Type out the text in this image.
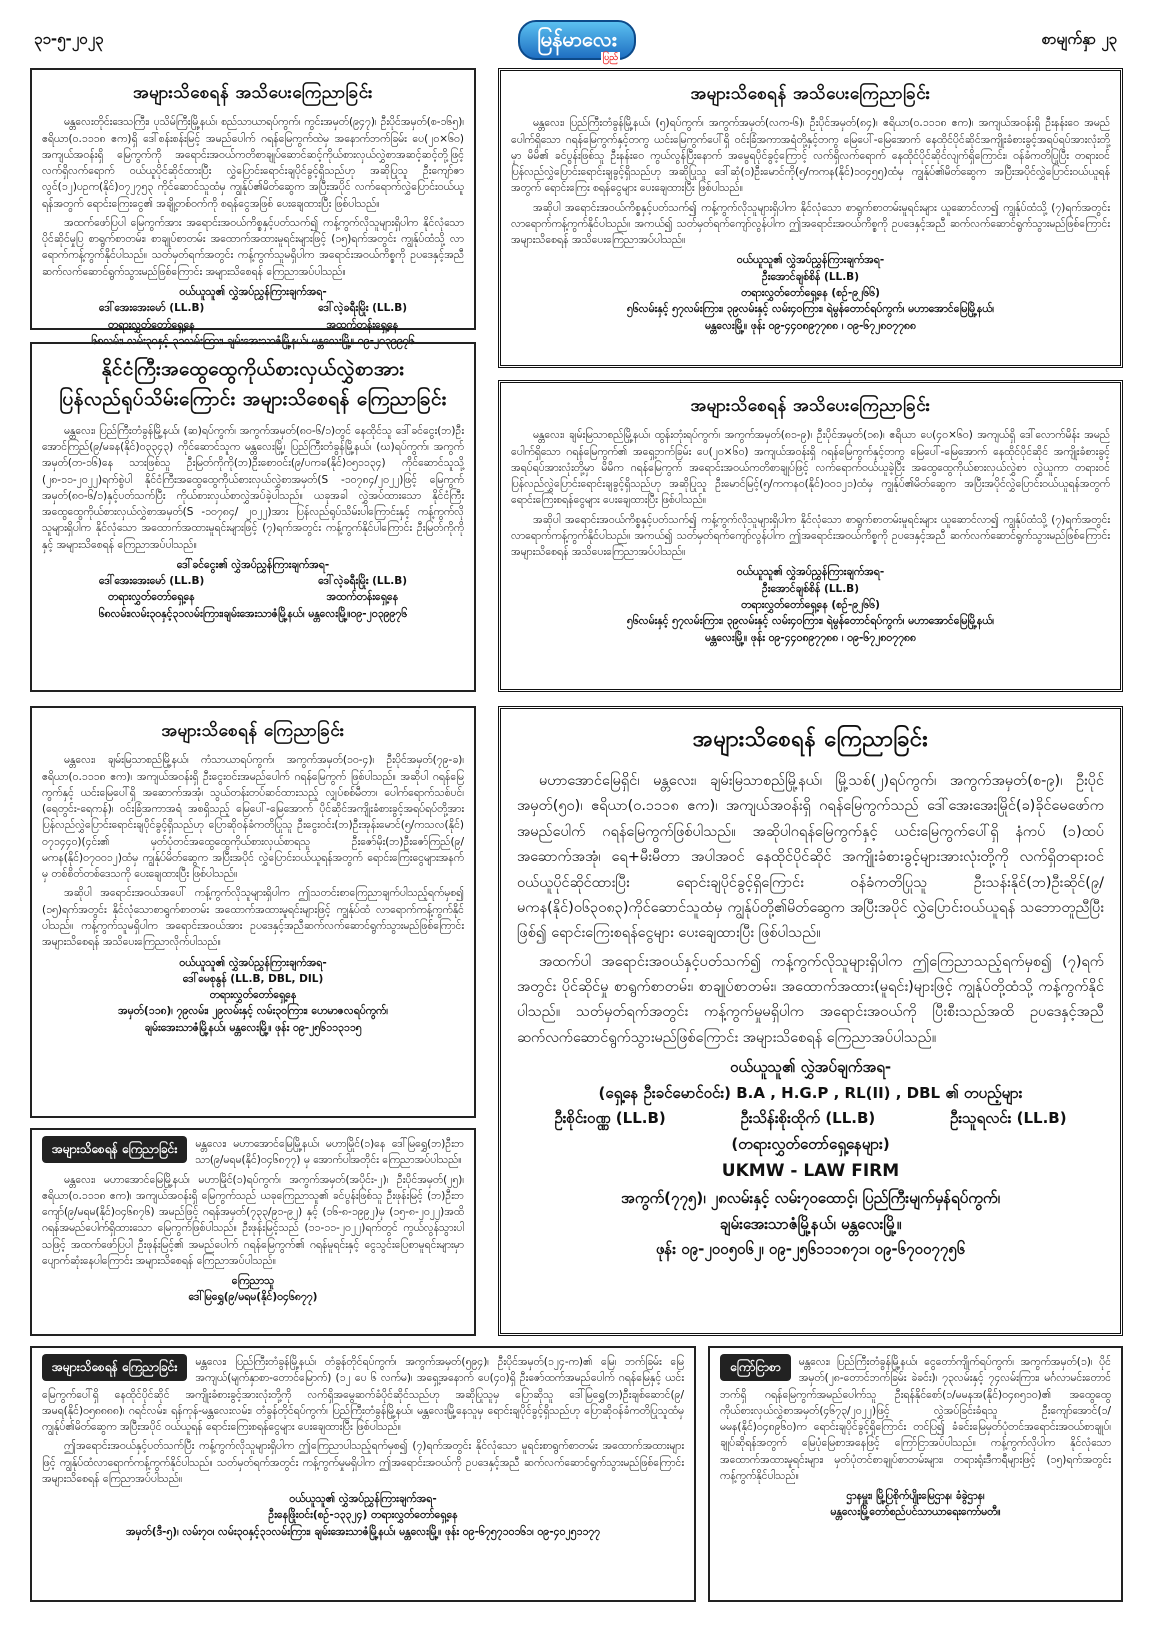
၃၁-၅-၂၀၂၃	မြန်မာလေး
ပြည်
စာမျက်နှာ ၂၃
အများသိစေရန် အသိပေးကြေညာခြင်း

မန္တလေးတိုင်းဒေသကြီး၊ ပုသိမ်ကြီးမြို့နယ်၊ စည်သာယာရပ်ကွက်၊ ကွင်းအမှတ်(၉၄၇)၊ ဦးပိုင်အမှတ်(စ-၁၆၅)၊ ဧရိယာ(၀.၁၁၁၈ ဧက)ရှိ ဒေါ်စန်းစန်းမြင့် အမည်ပေါက် ဂရန်မြေကွက်ထဲမှ အနောက်ဘက်ခြမ်း ပေ(၂၀×၆၀) အကျယ်အဝန်းရှိ မြေကွက်ကို အရောင်းအဝယ်ကတိစာချုပ်ဆောင်ဆင့်ကိုယ်စားလှယ်လွှဲစာအဆင့်ဆင့်တို့ဖြင့် လက်ရှိလက်ရောက် ဝယ်ယူပိုင်ဆိုင်ထားပြီး လွှဲပြောင်းရောင်းချပိုင်ခွင့်ရှိသည်ဟု အဆိုပြုသူ ဦးကျော်ဇာလွင်(၁၂)ပဥက(နိုင်)၀၇၂၇၅၃ ကိုင်ဆောင်သူထံမှ ကျွန်ုပ်၏မိတ်ဆွေက အပြီးအပိုင် လက်ရောက်လွှဲပြောင်းဝယ်ယူရန်အတွက် ရောင်းကြေးငွေ၏ အချို့တစ်ဝက်ကို စရန်ငွေအဖြစ် ပေးချေထားပြီး ဖြစ်ပါသည်။

အထက်ဖော်ပြပါ မြေကွက်အား အရောင်းအဝယ်ကိစ္စနှင့်ပတ်သက်၍ ကန့်ကွက်လိုသူများရှိပါက နိုင်လုံသော ပိုင်ဆိုင်မှုပြ စာရွက်စာတမ်း၊ စာချုပ်စာတမ်း အထောက်အထားမူရင်းများဖြင့် (၁၅)ရက်အတွင်း ကျွန်ုပ်ထံသို့ လာရောက်ကန့်ကွက်နိုင်ပါသည်။ သတ်မှတ်ရက်အတွင်း ကန့်ကွက်သူမရှိပါက အရောင်းအဝယ်ကိစ္စကို ဥပဒေနှင့်အညီ ဆက်လက်ဆောင်ရွက်သွားမည်ဖြစ်ကြောင်း အများသိစေရန် ကြေညာအပ်ပါသည်။

ဝယ်ယူသူ၏ လွှဲအပ်ညွှန်ကြားချက်အရ-
ဒေါ်အေးအေးမော် (LL.B)	ဒေါ်လဲ့ခရီးမြိုး (LL.B)
တရားလွှတ်တော်ရှေ့နေ	အထက်တန်းရှေ့နေ
၆၈လမ်း၊ လမ်း၃၀နှင့် ၃၁လမ်းကြား၊ ချမ်းအေးသာဇံမြို့နယ်၊ မန္တလေးမြို့။ ၀၉-၂၀၃၉၉၇၆
အများသိစေရန် အသိပေးကြေညာခြင်း

မန္တလေး၊ ပြည်ကြီးတံခွန်မြို့နယ်၊ (၅)ရပ်ကွက်၊ အကွက်အမှတ်(လက-၆)၊ ဦးပိုင်အမှတ်(၈၄)၊ ဧရိယာ(၀.၁၁၁၈ ဧက)၊ အကျယ်အဝန်းရှိ ဦးနန်းဝေ အမည်ပေါက်ရှိသော ဂရန်မြေကွက်နှင့်တကွ ယင်းမြေကွက်ပေါ်ရှိ ဝင်းခြံအကာအရံတို့နှင့်တကွ မြေပေါ်-မြေအောက် နေထိုင်ပိုင်ဆိုင်အကျိုးခံစားခွင့်အရပ်ရပ်အားလုံးတို့မှာ မိမိ၏ ခင်ပွန်းဖြစ်သူ ဦးနန်းဝေ ကွယ်လွန်ပြီးနောက် အမွေရပိုင်ခွင့်ကြောင့် လက်ရှိလက်ရောက် နေထိုင်ပိုင်ဆိုင်လျက်ရှိကြောင်း၊ ဝန်ခံကတိပြုပြီး တရားဝင်ပြန်လည်လွှဲပြောင်းရောင်းချခွင့်ရှိသည်ဟု အဆိုပြုသူ ဒေါ်ဆုံ(၁)ဦးမောင်ကို(၅/ကကန(နိုင်)၁၀၄၅၅)ထံမှ ကျွန်ုပ်၏မိတ်ဆွေက အပြီးအပိုင်လွှဲပြောင်းဝယ်ယူရန်အတွက် ရောင်းကြေး စရန်ငွေများ ပေးချေထားပြီး ဖြစ်ပါသည်။

အဆိုပါ အရောင်းအဝယ်ကိစ္စနှင့်ပတ်သက်၍ ကန့်ကွက်လိုသူများရှိပါက နိုင်လုံသော စာရွက်စာတမ်းမူရင်းများ ယူဆောင်လာ၍ ကျွန်ုပ်ထံသို့ (၇)ရက်အတွင်း လာရောက်ကန့်ကွက်နိုင်ပါသည်။ အကယ်၍ သတ်မှတ်ရက်ကျော်လွန်ပါက ဤအရောင်းအဝယ်ကိစ္စကို ဥပဒေနှင့်အညီ ဆက်လက်ဆောင်ရွက်သွားမည်ဖြစ်ကြောင်း အများသိစေရန် အသိပေးကြေညာအပ်ပါသည်။

ဝယ်ယူသူ၏ လွှဲအပ်ညွှန်ကြားချက်အရ-
ဦးအောင်ချစ်စိန် (LL.B)
တရားလွှတ်တော်ရှေ့နေ (စဉ်-၉၂၆၆)
၅၆လမ်းနှင့် ၅၇လမ်းကြား၊ ၃၉လမ်းနှင့် လမ်း၄၀ကြား၊ ရဲမွန်တောင်ရပ်ကွက်၊ မဟာအောင်မြေမြို့နယ်၊
မန္တလေးမြို့။ ဖုန်း ၀၉-၄၄၀၈၉၇၇၈၈ ၊ ၀၉-၆၇၂၈၀၇၇၈၈
နိုင်ငံကြီးအထွေထွေကိုယ်စားလှယ်လွှဲစာအား
ပြန်လည်ရုပ်သိမ်းကြောင်း အများသိစေရန် ကြေညာခြင်း

မန္တလေး၊ ပြည်ကြီးတံခွန်မြို့နယ်၊ (ဆ)ရပ်ကွက်၊ အကွက်အမှတ်(၈၀-၆/၁)တွင် နေထိုင်သူ ဒေါ်ခင်ငွေး(ဘ)ဦးအောင်ကြည်(၉/မခန(နိုင်)၀၃၃၄၃) ကိုင်ဆောင်သူက မန္တလေးမြို့၊ ပြည်ကြီးတံခွန်မြို့နယ်၊ (ဃ)ရပ်ကွက်၊ အကွက်အမှတ်(တ-၁၆)နေ သားဖြစ်သူ ဦးမြတ်ကိုကို(ဘ)ဦးစောဝင်း(၉/ပကခ(နိုင်)၀၅၁၁၃၄) ကိုင်ဆောင်သူသို့ (၂၈-၁၁-၂၀၂၂)ရက်စွဲပါ နိုင်ငံကြီးအထွေထွေကိုယ်စားလှယ်လွှဲစာအမှတ်(S -၁၀၇၈၄/၂၀၂၂)ဖြင့် မြေကွက်အမှတ်(၈၀-၆/၁)နှင့်ပတ်သက်ပြီး ကိုယ်စားလှယ်စာလွှဲအပ်ခဲ့ပါသည်။ ယခုအခါ လွှဲအပ်ထားသော နိုင်ငံကြီးအထွေထွေကိုယ်စားလှယ်လွှဲစာအမှတ်(S -၁၀၇၈၄/ ၂၀၂၂)အား ပြန်လည်ရုပ်သိမ်းပါကြောင်းနှင့် ကန့်ကွက်လိုသူများရှိပါက နိုင်လုံသော အထောက်အထားမူရင်းများဖြင့် (၇)ရက်အတွင်း ကန့်ကွက်နိုင်ပါကြောင်း ဦးမြတ်ကိုကိုနှင့် အများသိစေရန် ကြေညာအပ်ပါသည်။

ဒေါ်ခင်ငွေး၏ လွှဲအပ်ညွှန်ကြားချက်အရ-
ဒေါ်အေးအေးမော် (LL.B)	ဒေါ်လဲ့ခရီးမြိုး (LL.B)
တရားလွှတ်တော်ရှေ့နေ	အထက်တန်းရှေ့နေ
၆၈လမ်း၊လမ်း၃၀နှင့်၃၁လမ်းကြား၊ချမ်းအေးသာဇံမြို့နယ်၊ မန္တလေးမြို့။၀၉-၂၀၃၉၉၇၆
အများသိစေရန် အသိပေးကြေညာခြင်း

မန္တလေး၊ ချမ်းမြသာစည်မြို့နယ်၊ ထွန်းတုံးရပ်ကွက်၊ အကွက်အမှတ်(၈၁-၉)၊ ဦးပိုင်အမှတ်(၁၈)၊ ဧရိယာ ပေ(၄၀×၆၀) အကျယ်ရှိ ဒေါ်လောက်မိန်း အမည်ပေါက်ရှိသော ဂရန်မြေကွက်၏ အရှေ့ဘက်ခြမ်း ပေ(၂၀×၆၀) အကျယ်အဝန်းရှိ ဂရန်မြေကွက်နှင့်တကွ မြေပေါ်-မြေအောက် နေထိုင်ပိုင်ဆိုင် အကျိုးခံစားခွင့်အရပ်ရပ်အားလုံးတို့မှာ မိမိက ဂရန်မြေကွက် အရောင်းအဝယ်ကတိစာချုပ်ဖြင့် လက်ရောက်ဝယ်ယူခဲ့ပြီး အထွေထွေကိုယ်စားလှယ်လွှဲစာ လွှဲယူကာ တရားဝင်ပြန်လည်လွှဲပြောင်းရောင်းချခွင့်ရှိသည်ဟု အဆိုပြုသူ ဦးမောင်မြင့်(၅/ကကနဝ(နိုင်)၀၀၁၂၁)ထံမှ ကျွန်ုပ်၏မိတ်ဆွေက အပြီးအပိုင်လွှဲပြောင်းဝယ်ယူရန်အတွက် ရောင်းကြေးစရန်ငွေများ ပေးချေထားပြီး ဖြစ်ပါသည်။

အဆိုပါ အရောင်းအဝယ်ကိစ္စနှင့်ပတ်သက်၍ ကန့်ကွက်လိုသူများရှိပါက နိုင်လုံသော စာရွက်စာတမ်းမူရင်းများ ယူဆောင်လာ၍ ကျွန်ုပ်ထံသို့ (၇)ရက်အတွင်း လာရောက်ကန့်ကွက်နိုင်ပါသည်။ အကယ်၍ သတ်မှတ်ရက်ကျော်လွန်ပါက ဤအရောင်းအဝယ်ကိစ္စကို ဥပဒေနှင့်အညီ ဆက်လက်ဆောင်ရွက်သွားမည်ဖြစ်ကြောင်း အများသိစေရန် အသိပေးကြေညာအပ်ပါသည်။

ဝယ်ယူသူ၏ လွှဲအပ်ညွှန်ကြားချက်အရ-
ဦးအောင်ချစ်စိန် (LL.B)
တရားလွှတ်တော်ရှေ့နေ (စဉ်-၉၂၆၆)
၅၆လမ်းနှင့် ၅၇လမ်းကြား၊ ၃၉လမ်းနှင့် လမ်း၄၀ကြား၊ ရဲမွန်တောင်ရပ်ကွက်၊ မဟာအောင်မြေမြို့နယ်၊
မန္တလေးမြို့။ ဖုန်း ၀၉-၄၄၀၈၉၇၇၈၈ ၊ ၀၉-၆၇၂၈၀၇၇၈၈
အများသိစေရန် ကြေညာခြင်း

မန္တလေး၊ ချမ်းမြသာစည်မြို့နယ်၊ ကံသာယာရပ်ကွက်၊ အကွက်အမှတ်(၁၀-၄)၊ ဦးပိုင်အမှတ်(၇၉-ခ)၊ ဧရိယာ(၀.၁၁၁၈ ဧက)၊ အကျယ်အဝန်းရှိ ဦးငွေးဝင်းအမည်ပေါက် ဂရန်မြေကွက် ဖြစ်ပါသည်။ အဆိုပါ ဂရန်မြေကွက်နှင့် ယင်းမြေပေါ်ရှိ အဆောက်အအုံ၊ သွယ်တန်းတပ်ဆင်ထားသည့် လျှပ်စစ်မီတာ၊ ပေါက်ရောက်သစ်ပင်၊ (ရေတွင်း-ရေကန်)၊ ဝင်းခြံအကာအရံ အစရှိသည့် မြေပေါ်-မြေအောက် ပိုင်ဆိုင်အကျိုးခံစားခွင့်အရပ်ရပ်တို့အား ပြန်လည်လွှဲပြောင်းရောင်းချပိုင်ခွင့်ရှိသည်ဟု ပြောဆိုဝန်ခံကတိပြုသူ ဦးငွေးဝင်း(ဘ)ဦးအုန်းမောင်(၅/ကသလ(နိုင်) ၀၇၁၄၄၀)(၄င်း၏ မှတ်ပုံတင်အထွေထွေကိုယ်စားလှယ်စာရသူ ဦးဇော်မိုး(ဘ)ဦးဇော်ကြည်(၉/မကန(နိုင်)၀၇၀၀၁၂)ထံမှ ကျွန်ုပ်မိတ်ဆွေက အပြီးအပိုင် လွှဲပြောင်းဝယ်ယူရန်အတွက် ရောင်းကြေးငွေများအနက်မှ တစ်စိတ်တစ်ဒေသကို ပေးချေထားပြီး ဖြစ်ပါသည်။

အဆိုပါ အရောင်းအဝယ်အပေါ် ကန့်ကွက်လိုသူများရှိပါက ဤသတင်းစာကြေညာချက်ပါသည့်ရက်မှစ၍ (၁၅)ရက်အတွင်း နိုင်လုံသောစာရွက်စာတမ်း အထောက်အထားမူရင်းများဖြင့် ကျွန်ုပ်ထံ လာရောက်ကန့်ကွက်နိုင်ပါသည်။ ကန့်ကွက်သူမရှိပါက အရောင်းအဝယ်အား ဥပဒေနှင့်အညီဆက်လက်ဆောင်ရွက်သွားမည်ဖြစ်ကြောင်း အများသိစေရန် အသိပေးကြေညာလိုက်ပါသည်။

ဝယ်ယူသူ၏ လွှဲအပ်ညွှန်ကြားချက်အရ-
ဒေါ်မေစုနွန် (LL.B, DBL, DIL)
တရားလွှတ်တော်ရှေ့နေ
အမှတ်(၁၁၈)၊ ၇၉လမ်း၊ ၂၉လမ်းနှင့် လမ်း၃၀ကြား၊ ဟေမာဇလရပ်ကွက်၊
ချမ်းအေးသာဇံမြို့နယ်၊ မန္တလေးမြို့။ ဖုန်း ၀၉-၂၅၆၁၁၃၁၁၅
အများသိစေရန် ကြေညာခြင်း

မဟာအောင်မြေရှိင်၊ မန္တလေး၊ ချမ်းမြသာစည်မြို့နယ်၊ မြို့သစ်(၂)ရပ်ကွက်၊ အကွက်အမှတ်(စ-၉)၊ ဦးပိုင်အမှတ်(၅၀)၊ ဧရိယာ(၀.၁၁၁၈ ဧက)၊ အကျယ်အဝန်းရှိ ဂရန်မြေကွက်သည် ဒေါ်အေးအေးမြိုင်(ခ)ခိုင်မေဖော်က အမည်ပေါက် ဂရန်မြေကွက်ဖြစ်ပါသည်။ အဆိုပါဂရန်မြေကွက်နှင့် ယင်းမြေကွက်ပေါ်ရှိ နံကပ် (၁)ထပ် အဆောက်အအုံ၊ ရေ+မီးမီတာ အပါအဝင် နေထိုင်ပိုင်ဆိုင် အကျိုးခံစားခွင့်များအားလုံးတို့ကို လက်ရှိတရားဝင်ဝယ်ယူပိုင်ဆိုင်ထားပြီး ရောင်းချပိုင်ခွင့်ရှိကြောင်း ဝန်ခံကတိပြုသူ ဦးသန်းနိုင်(ဘ)ဦးဆိုင်(၉/မကန(နိုင်)၀၆၃၀၈၃)ကိုင်ဆောင်သူထံမှ ကျွန်ုပ်တို့၏မိတ်ဆွေက အပြီးအပိုင် လွှဲပြောင်းဝယ်ယူရန် သဘောတူညီပြီးဖြစ်၍ ရောင်းကြေးစရန်ငွေများ ပေးချေထားပြီး ဖြစ်ပါသည်။

အထက်ပါ အရောင်းအဝယ်နှင့်ပတ်သက်၍ ကန့်ကွက်လိုသူများရှိပါက ဤကြေညာသည့်ရက်မှစ၍ (၇)ရက်အတွင်း ပိုင်ဆိုင်မှု စာရွက်စာတမ်း၊ စာချုပ်စာတမ်း၊ အထောက်အထား(မူရင်း)များဖြင့် ကျွန်ုပ်တို့ထံသို့ ကန့်ကွက်နိုင်ပါသည်။ သတ်မှတ်ရက်အတွင်း ကန့်ကွက်မှုမရှိပါက အရောင်းအဝယ်ကို ပြီးစီးသည်အထိ ဥပဒေနှင့်အညီ ဆက်လက်ဆောင်ရွက်သွားမည်ဖြစ်ကြောင်း အများသိစေရန် ကြေညာအပ်ပါသည်။

ဝယ်ယူသူ၏ လွှဲအပ်ချက်အရ-
(ရှေ့နေ ဦးခင်မောင်ဝင်း) B.A , H.G.P , RL(II) , DBL ၏ တပည့်များ
ဦးစိုင်းဝဏ္ဏ (LL.B)	ဦးသိန်းစိုးထိုက် (LL.B)	ဦးသူရလင်း (LL.B)
(တရားလွှတ်တော်ရှေ့နေများ)
UKMW - LAW FIRM
အကွက်(၇၇၅)၊ ၂၈လမ်းနှင့် လမ်း၇၀ထောင့်၊ ပြည်ကြီးမျက်မှန်ရပ်ကွက်၊
ချမ်းအေးသာဇံမြို့နယ်၊ မန္တလေးမြို့။
ဖုန်း ၀၉-၂၀၀၅၀၆၂၊ ၀၉-၂၅၆၁၁၁၈၇၁၊ ၀၉-၆၇၀၀၇၇၅၆
အများသိစေရန် ကြေညာခြင်း	မန္တလေး၊ မဟာအောင်မြေမြို့နယ်၊ မဟာမြိုင်(၁)နေ ဒေါ်မြရွှေ(ဘ)ဦးဘသာ(၉/မရမ(နိုင်)၀၄၆၈၇၇) မှ အောက်ပါအတိုင်း ကြေညာအပ်ပါသည်။

မန္တလေး၊ မဟာအောင်မြေမြို့နယ်၊ မဟာမြိုင်(၁)ရပ်ကွက်၊ အကွက်အမှတ်(အပိုင်း-၂)၊ ဦးပိုင်အမှတ်(၂၅)၊ ဧရိယာ(၀.၁၁၁၈ ဧက)၊ အကျယ်အဝန်းရှိ မြေကွက်သည် ယခုကြေညာသူ၏ ခင်ပွန်းဖြစ်သူ ဦးဖုန်းမြင့် (ဘ)ဦးဘကျော်(၉/မရမ(နိုင်)၀၄၆၈၇၆) အမည်ဖြင့် ဂရန်အမှတ်(၇၃၃/၉၁-၉၂) နှင့် (၁၆-၈-၁၉၉၂)မှ (၁၅-၈-၂၀၂၂)အထိ ဂရန်အမည်ပေါက်ရှိထားသော မြေကွက်ဖြစ်ပါသည်။ ဦးဖုန်းမြင့်သည် (၁၁-၁၁-၂၀၂၂)ရက်တွင် ကွယ်လွန်သွားပါသဖြင့် အထက်ဖော်ပြပါ ဦးဖုန်းမြင့်၏ အမည်ပေါက် ဂရန်မြေကွက်၏ ဂရန်မူရင်းနှင့် ငွေသွင်းပြေစာမူရင်းများမှာ ပျောက်ဆုံးနေပါကြောင်း အများသိစေရန် ကြေညာအပ်ပါသည်။

ကြေညာသူ
ဒေါ်မြရွှေ(၉/မရမ(နိုင်)၀၄၆၈၇၇)
အများသိစေရန် ကြေညာခြင်း	မန္တလေး၊ ပြည်ကြီးတံခွန်မြို့နယ်၊ တံခွန်တိုင်ရပ်ကွက်၊ အကွက်အမှတ်(၅၉၄)၊ ဦးပိုင်အမှတ်(၁၂၄-က)၏ မြေ၊ ဘက်ခြမ်း မြေအကျယ်(မျက်နှာစာ-တောင်မြောက်) (၁၂ ပေ ၆ လက်မ)၊ အရှေ့အနောက် ပေ(၄၀)ရှိ ဦးဇော်ထက်အမည်ပေါက် ဂရန်မြေနှင့် ယင်းမြေကွက်ပေါ်ရှိ နေထိုင်ပိုင်ဆိုင် အကျိုးခံစားခွင့်အားလုံးတို့ကို လက်ရှိအမွေဆက်ခံပိုင်ဆိုင်သည်ဟု အဆိုပြုသူမှ ပြောဆိုသူ ဒေါ်မြရွှေ(ဘ)ဦးချစ်ဆောင်(၉/အမရ(နိုင်)၀၅၈၈၈၈)၊ ဂရင်လမ်း၊ ရန်ကုန်-မန္တလေးလမ်း၊ တံခွန်တိုင်ရပ်ကွက်၊ ပြည်ကြီးတံခွန်မြို့နယ်၊ မန္တလေးမြို့နေသူမှ ရောင်းချပိုင်ခွင့်ရှိသည်ဟု ပြောဆိုဝန်ခံကတိပြုသူထံမှ ကျွန်ုပ်၏မိတ်ဆွေက အပြီးအပိုင် ဝယ်ယူရန် ရောင်းကြေးစရန်ငွေများ ပေးချေထားပြီး ဖြစ်ပါသည်။

ဤအရောင်းအဝယ်နှင့်ပတ်သက်ပြီး ကန့်ကွက်လိုသူများရှိပါက ဤကြေညာပါသည့်ရက်မှစ၍ (၇)ရက်အတွင်း နိုင်လုံသော မူရင်းစာရွက်စာတမ်း အထောက်အထားများဖြင့် ကျွန်ုပ်ထံလာရောက်ကန့်ကွက်နိုင်ပါသည်။ သတ်မှတ်ရက်အတွင်း ကန့်ကွက်မှုမရှိပါက ဤအရောင်းအဝယ်ကို ဥပဒေနှင့်အညီ ဆက်လက်ဆောင်ရွက်သွားမည်ဖြစ်ကြောင်း အများသိစေရန် ကြေညာအပ်ပါသည်။

ဝယ်ယူသူ၏ လွှဲအပ်ညွှန်ကြားချက်အရ-
ဦးနေဖြိုးဝင်း(စဉ်-၁၃၃၂၄) တရားလွှတ်တော်ရှေ့နေ
အမှတ်(ဒီ-၅)၊ လမ်း၇၀၊ လမ်း၃၀နှင့်၃၁လမ်းကြား၊ ချမ်းအေးသာဇံမြို့နယ်၊ မန္တလေးမြို့။ ဖုန်း ၀၉-၆၇၅၇၁၀၁၆၁၊ ၀၉-၄၀၂၅၁၁၇၇
ကြော်ငြာစာ	မန္တလေး၊ ပြည်ကြီးတံခွန်မြို့နယ်၊ ငွေတော်ကျိုက်ရပ်ကွက်၊ အကွက်အမှတ်(၁)၊ ပိုင်အမှတ်(၂၈-တောင်ဘက်ခြမ်း ခဲခင်း)၊ ၇၃လမ်းနှင့် ၇၄လမ်းကြား၊ မင်္ဂလာမင်းတောင်ဘက်ရှိ ဂရန်မြေကွက်အမည်ပေါက်သူ ဦးရန်နိုင်စော်(၁/မမနအ(နိုင်)၀၄၈၅၁၀)၏ အထွေထွေကိုယ်စားလှယ်လွှဲစာအမှတ်(၄၆၇၃/၂၀၂၂)ဖြင့် လွှဲအပ်ခြင်းခံရသူ ဦးကျော်အောင်(၁/မမန(နိုင်)၀၄၈၉၆၀)က ရောင်းချပိုင်ခွင့်ရှိကြောင်း တင်ပြ၍ ခံခင်းမြေမှတ်ပုံတင်အရောင်းအဝယ်စာချုပ်၊ ချုပ်ဆိုရန်အတွက် မြေပုံမြေစာအနေဖြင့် ကြော်ငြာအပ်ပါသည်။ ကန့်ကွက်လိုပါက နိုင်လုံသော အထောက်အထားမူရင်းများ၊ မှတ်ပုံတင်စာချုပ်စာတမ်းများ၊ တရားရုံးဒီကရီများဖြင့် (၁၅)ရက်အတွင်း ကန့်ကွက်နိုင်ပါသည်။

ဌာနမှူး၊ မြို့ပြစိုက်ပျိုးမြေဌာန၊ ခံခွဲဌာန၊
မန္တလေးမြို့တော်စည်ပင်သာယာရေးကော်မတီ။
